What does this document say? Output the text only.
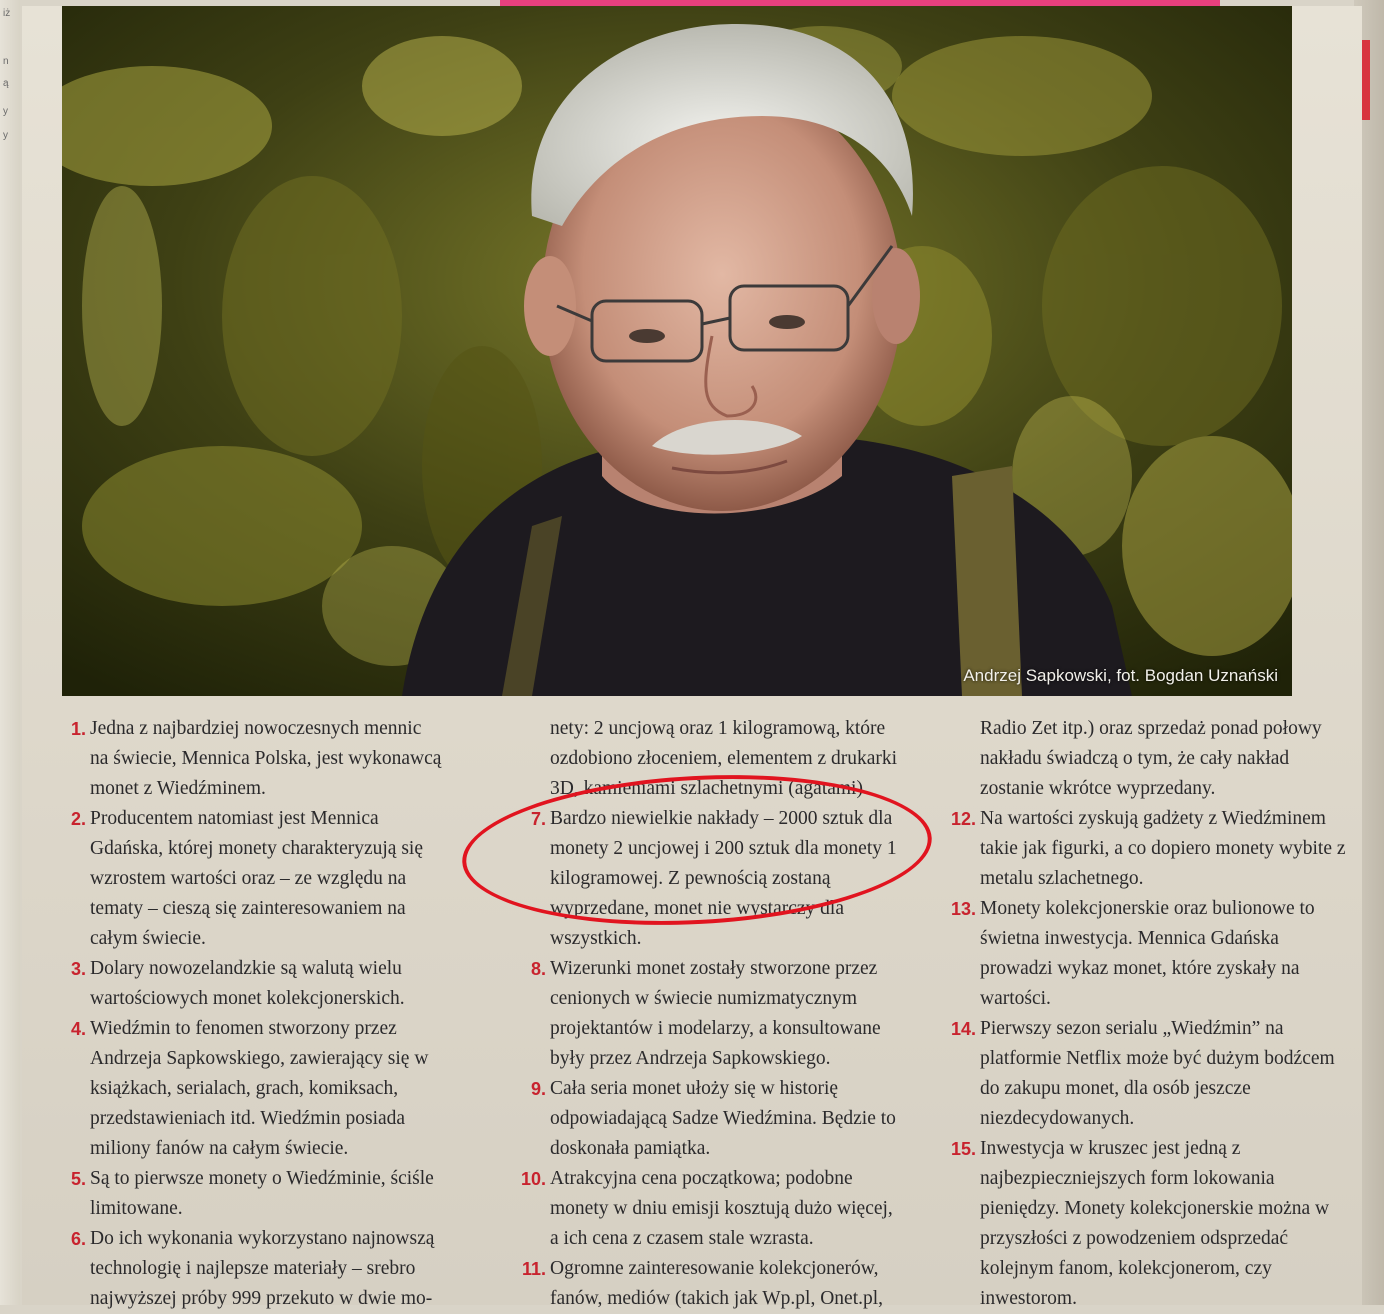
iż
n
ą
y
y
Andrzej Sapkowski, fot. Bogdan Uznański

1. Jedna z najbardziej nowoczesnych mennic na świecie, Mennica Polska, jest wykonawcą monet z Wiedźminem.

2. Producentem natomiast jest Mennica Gdańska, której monety charakteryzują się wzrostem wartości oraz – ze względu na tematy – cieszą się zainteresowaniem na całym świecie.

3. Dolary nowozelandzkie są walutą wielu wartościowych monet kolekcjonerskich.

4. Wiedźmin to fenomen stworzony przez Andrzeja Sapkowskiego, zawierający się w książkach, serialach, grach, komiksach, przedstawieniach itd. Wiedźmin posiada miliony fanów na całym świecie.

5. Są to pierwsze monety o Wiedźminie, ściśle limitowane.

6. Do ich wykonania wykorzystano najnowszą technologię i najlepsze materiały – srebro najwyższej próby 999 przekuto w dwie mo-

nety: 2 uncjową oraz 1 kilogramową, które ozdobiono złoceniem, elementem z drukarki 3D, kamieniami szlachetnymi (agatami).

7. Bardzo niewielkie nakłady – 2000 sztuk dla monety 2 uncjowej i 200 sztuk dla monety 1 kilogramowej. Z pewnością zostaną wyprzedane, monet nie wystarczy dla wszystkich.

8. Wizerunki monet zostały stworzone przez cenionych w świecie numizmatycznym projektantów i modelarzy, a konsultowane były przez Andrzeja Sapkowskiego.

9. Cała seria monet ułoży się w historię odpowiadającą Sadze Wiedźmina. Będzie to doskonała pamiątka.

10. Atrakcyjna cena początkowa; podobne monety w dniu emisji kosztują dużo więcej, a ich cena z czasem stale wzrasta.

11. Ogromne zainteresowanie kolekcjonerów, fanów, mediów (takich jak Wp.pl, Onet.pl,

Radio Zet itp.) oraz sprzedaż ponad połowy nakładu świadczą o tym, że cały nakład zostanie wkrótce wyprzedany.

12. Na wartości zyskują gadżety z Wiedźminem takie jak figurki, a co dopiero monety wybite z metalu szlachetnego.

13. Monety kolekcjonerskie oraz bulionowe to świetna inwestycja. Mennica Gdańska prowadzi wykaz monet, które zyskały na wartości.

14. Pierwszy sezon serialu „Wiedźmin” na platformie Netflix może być dużym bodźcem do zakupu monet, dla osób jeszcze niezdecydowanych.

15. Inwestycja w kruszec jest jedną z najbezpieczniejszych form lokowania pieniędzy. Monety kolekcjonerskie można w przyszłości z powodzeniem odsprzedać kolejnym fanom, kolekcjonerom, czy inwestorom.
